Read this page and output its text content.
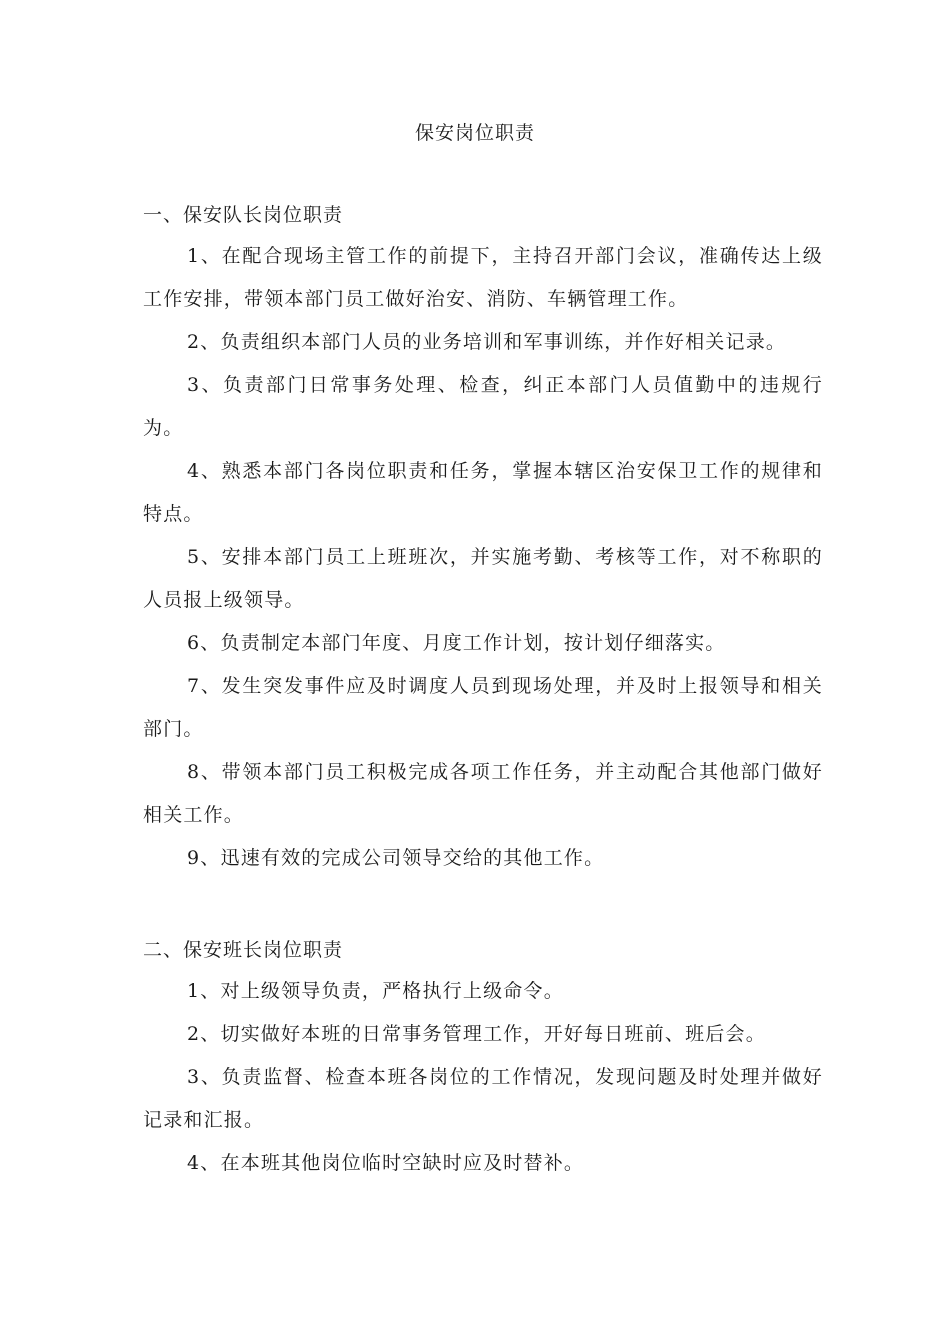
保安岗位职责
一、保安队长岗位职责

1、在配合现场主管工作的前提下，主持召开部门会议，准确传达上级工作安排，带领本部门员工做好治安、消防、车辆管理工作。

2、负责组织本部门人员的业务培训和军事训练，并作好相关记录。

3、负责部门日常事务处理、检查，纠正本部门人员值勤中的违规行为。

4、熟悉本部门各岗位职责和任务，掌握本辖区治安保卫工作的规律和特点。

5、安排本部门员工上班班次，并实施考勤、考核等工作，对不称职的人员报上级领导。

6、负责制定本部门年度、月度工作计划，按计划仔细落实。

7、发生突发事件应及时调度人员到现场处理，并及时上报领导和相关部门。

8、带领本部门员工积极完成各项工作任务，并主动配合其他部门做好相关工作。

9、迅速有效的完成公司领导交给的其他工作。

二、保安班长岗位职责

1、对上级领导负责，严格执行上级命令。

2、切实做好本班的日常事务管理工作，开好每日班前、班后会。

3、负责监督、检查本班各岗位的工作情况，发现问题及时处理并做好记录和汇报。

4、在本班其他岗位临时空缺时应及时替补。
